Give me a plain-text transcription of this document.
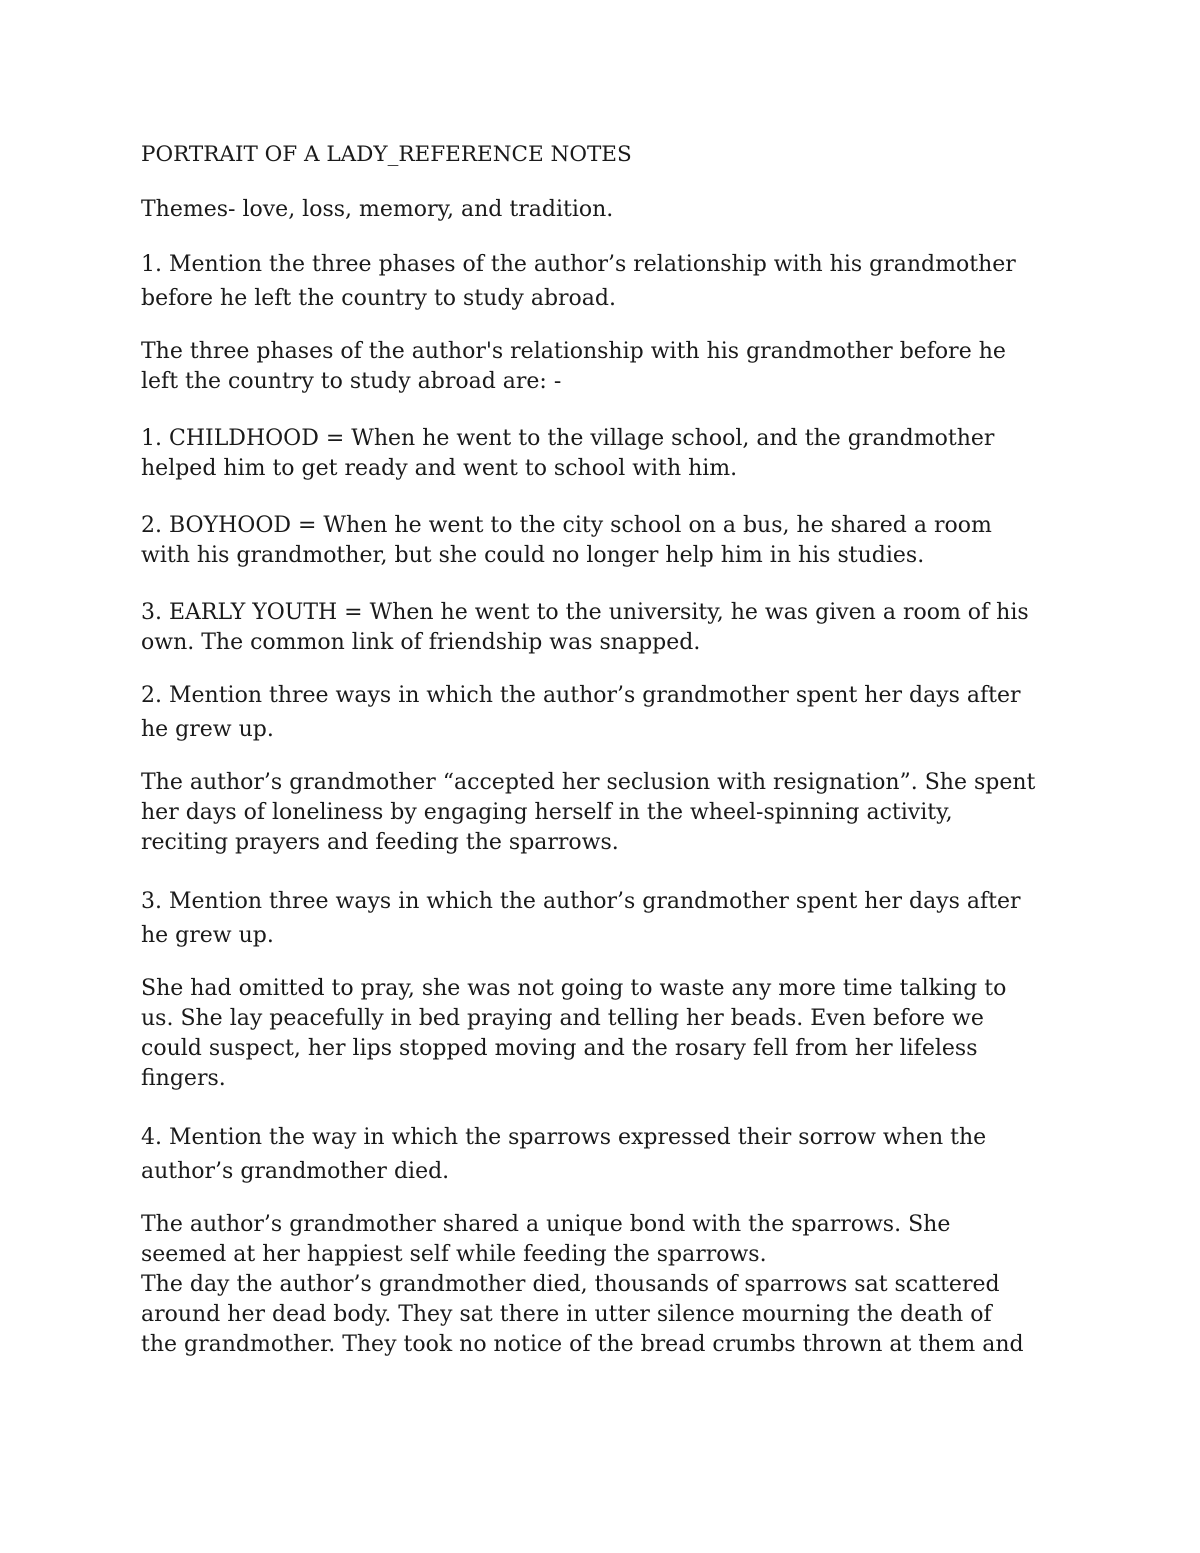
PORTRAIT OF A LADY_REFERENCE NOTES

Themes- love, loss, memory, and tradition.

1. Mention the three phases of the author’s relationship with his grandmother

before he left the country to study abroad.

The three phases of the author's relationship with his grandmother before he

left the country to study abroad are: -

1. CHILDHOOD = When he went to the village school, and the grandmother

helped him to get ready and went to school with him.

2. BOYHOOD = When he went to the city school on a bus, he shared a room

with his grandmother, but she could no longer help him in his studies.

3. EARLY YOUTH = When he went to the university, he was given a room of his

own. The common link of friendship was snapped.

2. Mention three ways in which the author’s grandmother spent her days after

he grew up.

The author’s grandmother “accepted her seclusion with resignation”. She spent

her days of loneliness by engaging herself in the wheel-spinning activity,

reciting prayers and feeding the sparrows.

3. Mention three ways in which the author’s grandmother spent her days after

he grew up.

She had omitted to pray, she was not going to waste any more time talking to

us. She lay peacefully in bed praying and telling her beads. Even before we

could suspect, her lips stopped moving and the rosary fell from her lifeless

fingers.

4. Mention the way in which the sparrows expressed their sorrow when the

author’s grandmother died.

The author’s grandmother shared a unique bond with the sparrows. She

seemed at her happiest self while feeding the sparrows.

The day the author’s grandmother died, thousands of sparrows sat scattered

around her dead body. They sat there in utter silence mourning the death of

the grandmother. They took no notice of the bread crumbs thrown at them and
